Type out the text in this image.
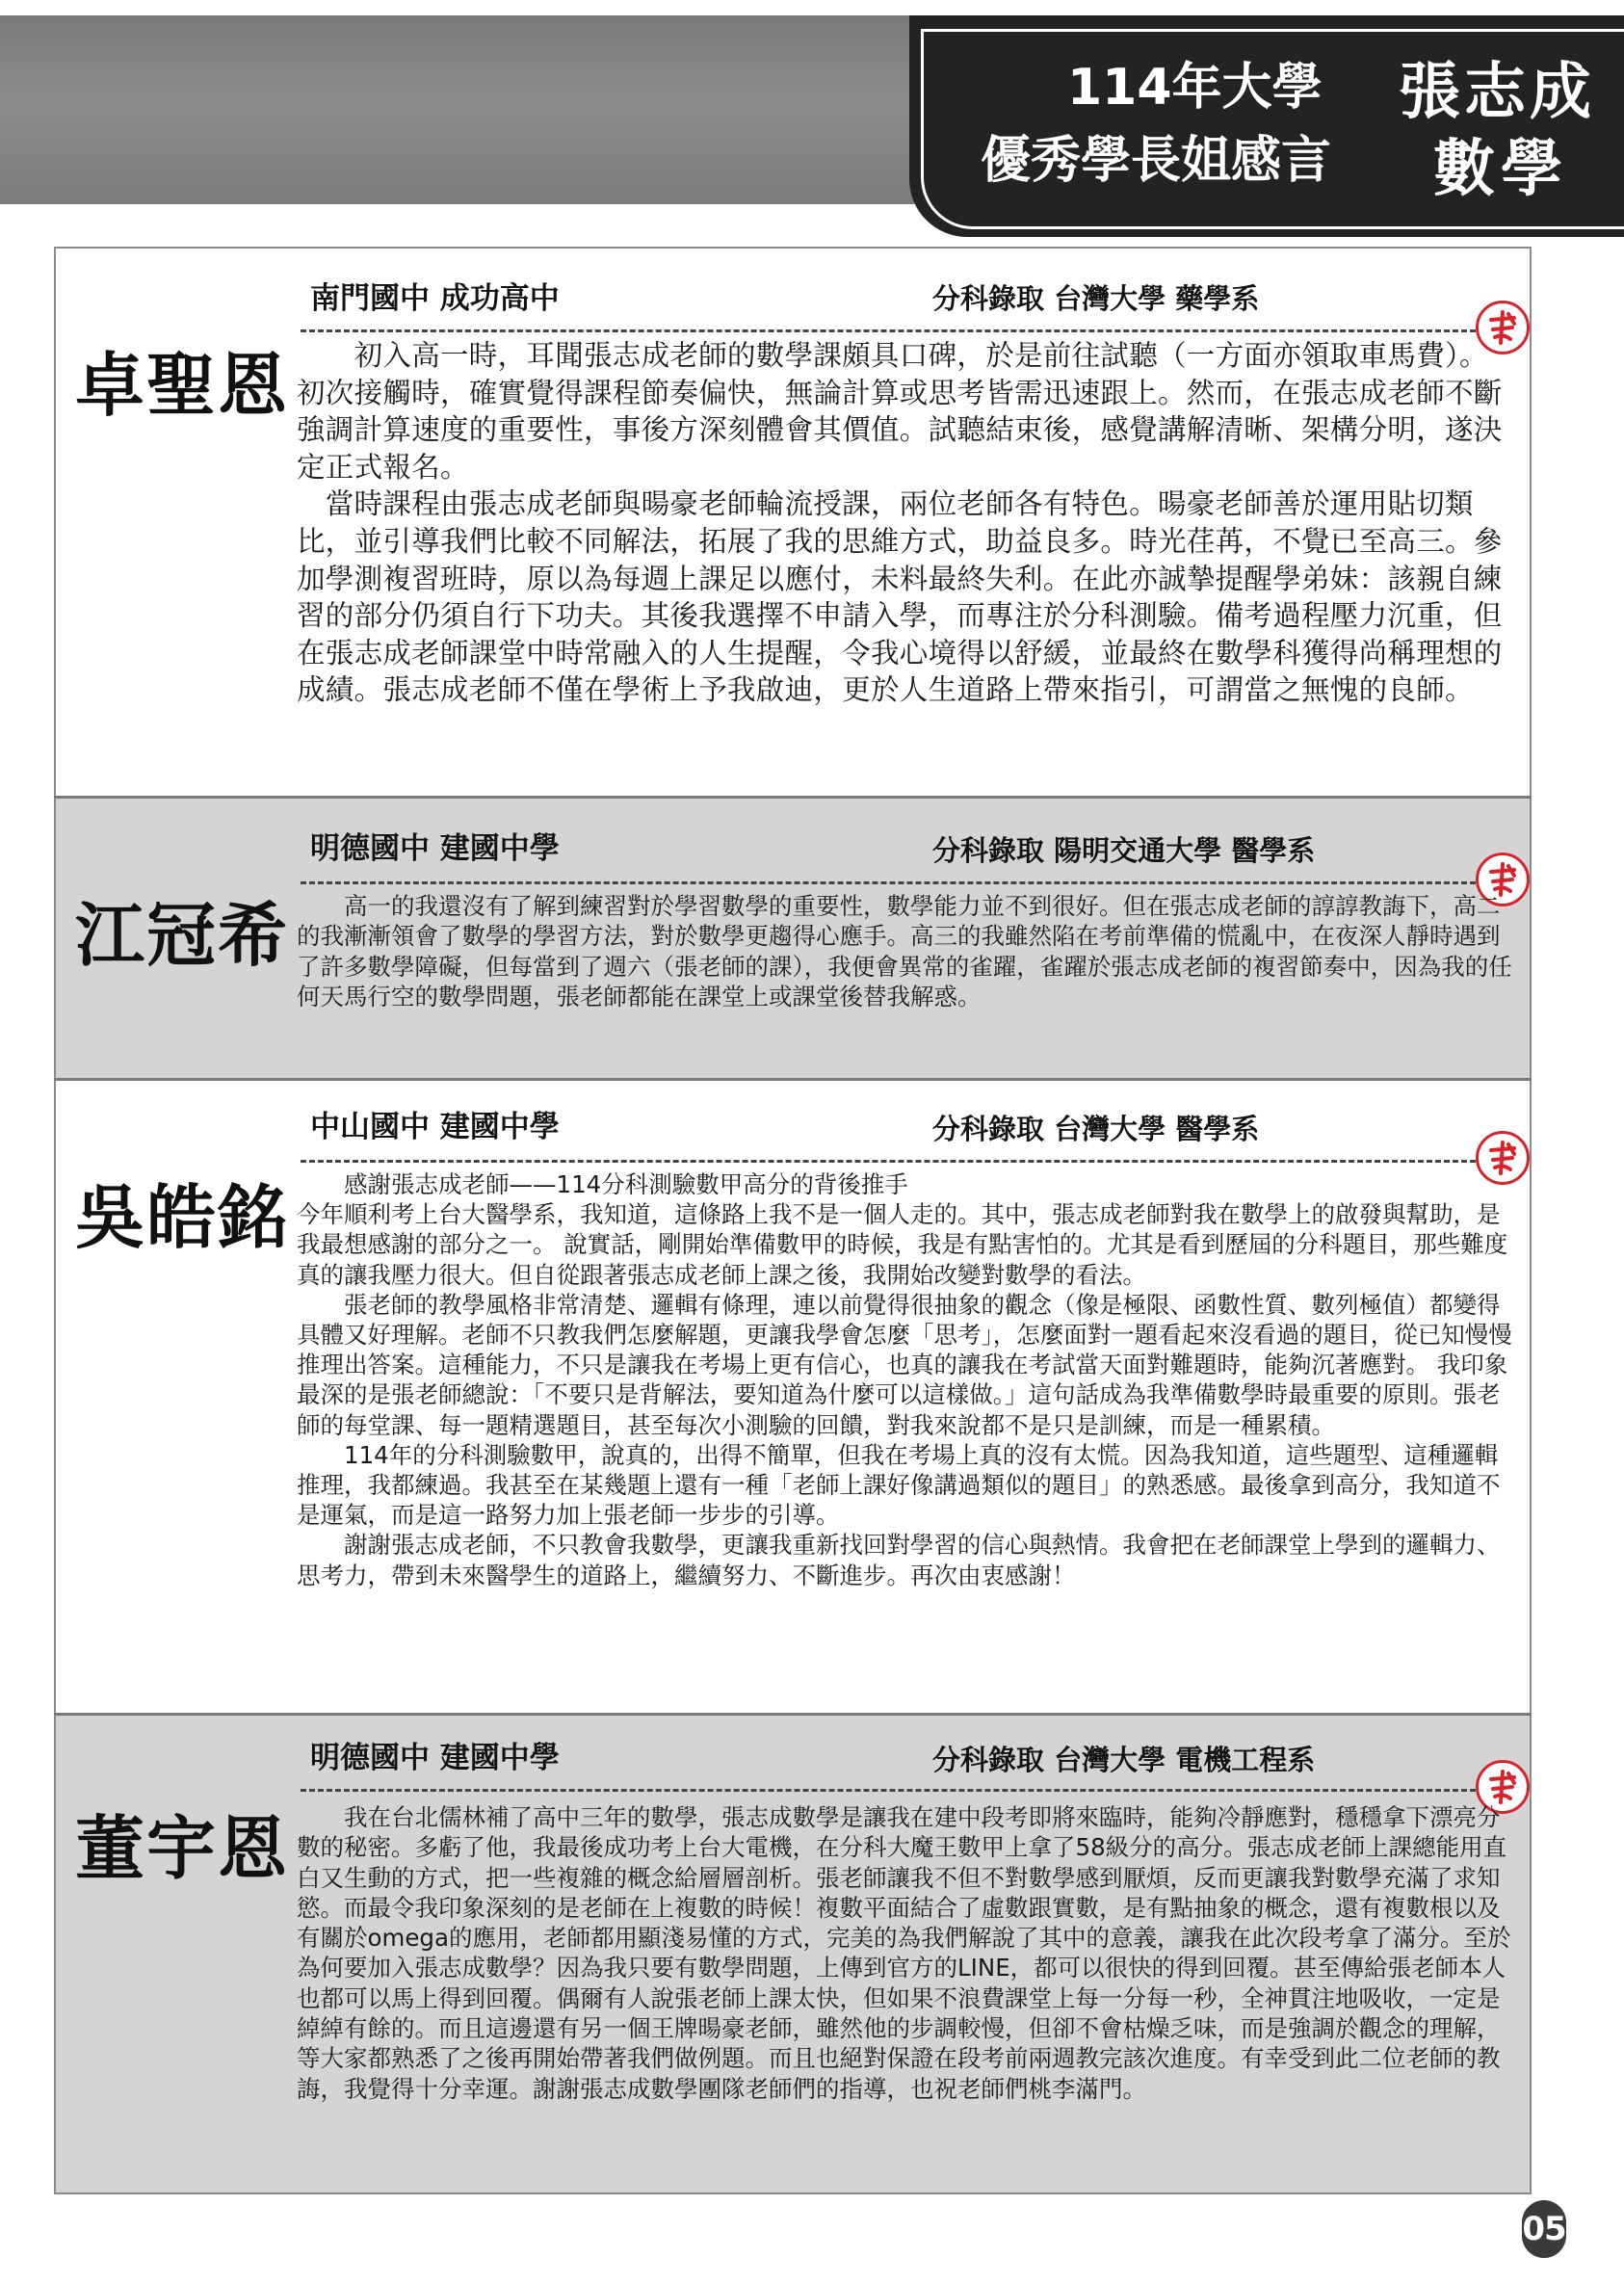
114年大學
優秀學長姐感言
張志成
數學
南門國中 成功高中	分科錄取 台灣大學 藥學系
卓聖恩	　　初入高一時，耳聞張志成老師的數學課頗具口碑，於是前往試聽（一方面亦領取車馬費）。初次接觸時，確實覺得課程節奏偏快，無論計算或思考皆需迅速跟上。然而，在張志成老師不斷強調計算速度的重要性，事後方深刻體會其價值。試聽結束後，感覺講解清晰、架構分明，遂決定正式報名。
　當時課程由張志成老師與暘豪老師輪流授課，兩位老師各有特色。暘豪老師善於運用貼切類比，並引導我們比較不同解法，拓展了我的思維方式，助益良多。時光荏苒，不覺已至高三。參加學測複習班時，原以為每週上課足以應付，未料最終失利。在此亦誠摯提醒學弟妹：該親自練習的部分仍須自行下功夫。其後我選擇不申請入學，而專注於分科測驗。備考過程壓力沉重，但在張志成老師課堂中時常融入的人生提醒，令我心境得以舒緩，並最終在數學科獲得尚稱理想的成績。張志成老師不僅在學術上予我啟迪，更於人生道路上帶來指引，可謂當之無愧的良師。

明德國中 建國中學	分科錄取 陽明交通大學 醫學系
江冠希 　　高一的我還沒有了解到練習對於學習數學的重要性，數學能力並不到很好。但在張志成老師的諄諄教誨下，高二的我漸漸領會了數學的學習方法，對於數學更趨得心應手。高三的我雖然陷在考前準備的慌亂中，在夜深人靜時遇到了許多數學障礙，但每當到了週六（張老師的課），我便會異常的雀躍，雀躍於張志成老師的複習節奏中，因為我的任何天馬行空的數學問題，張老師都能在課堂上或課堂後替我解惑。

中山國中 建國中學	分科錄取 台灣大學 醫學系
吳皓銘	　　感謝張志成老師——114分科測驗數甲高分的背後推手
今年順利考上台大醫學系，我知道，這條路上我不是一個人走的。其中，張志成老師對我在數學上的啟發與幫助，是我最想感謝的部分之一。 說實話，剛開始準備數甲的時候，我是有點害怕的。尤其是看到歷屆的分科題目，那些難度真的讓我壓力很大。但自從跟著張志成老師上課之後，我開始改變對數學的看法。
　　張老師的教學風格非常清楚、邏輯有條理，連以前覺得很抽象的觀念（像是極限、函數性質、數列極值）都變得具體又好理解。老師不只教我們怎麼解題，更讓我學會怎麼「思考」，怎麼面對一題看起來沒看過的題目，從已知慢慢推理出答案。這種能力，不只是讓我在考場上更有信心，也真的讓我在考試當天面對難題時，能夠沉著應對。 我印象最深的是張老師總說：「不要只是背解法，要知道為什麼可以這樣做。」這句話成為我準備數學時最重要的原則。張老師的每堂課、每一題精選題目，甚至每次小測驗的回饋，對我來說都不是只是訓練，而是一種累積。
　　114年的分科測驗數甲，說真的，出得不簡單，但我在考場上真的沒有太慌。因為我知道，這些題型、這種邏輯推理，我都練過。我甚至在某幾題上還有一種「老師上課好像講過類似的題目」的熟悉感。最後拿到高分，我知道不是運氣，而是這一路努力加上張老師一步步的引導。
　　謝謝張志成老師，不只教會我數學，更讓我重新找回對學習的信心與熱情。我會把在老師課堂上學到的邏輯力、思考力，帶到未來醫學生的道路上，繼續努力、不斷進步。再次由衷感謝！

明德國中 建國中學	分科錄取 台灣大學 電機工程系
董宇恩 　　我在台北儒林補了高中三年的數學，張志成數學是讓我在建中段考即將來臨時，能夠冷靜應對，穩穩拿下漂亮分數的秘密。多虧了他，我最後成功考上台大電機，在分科大魔王數甲上拿了58級分的高分。張志成老師上課總能用直白又生動的方式，把一些複雜的概念給層層剖析。張老師讓我不但不對數學感到厭煩，反而更讓我對數學充滿了求知慾。而最令我印象深刻的是老師在上複數的時候！複數平面結合了虛數跟實數，是有點抽象的概念，還有複數根以及有關於omega的應用，老師都用顯淺易懂的方式，完美的為我們解說了其中的意義，讓我在此次段考拿了滿分。至於為何要加入張志成數學？因為我只要有數學問題，上傳到官方的LINE，都可以很快的得到回覆。甚至傳給張老師本人也都可以馬上得到回覆。偶爾有人說張老師上課太快，但如果不浪費課堂上每一分每一秒，全神貫注地吸收，一定是綽綽有餘的。而且這邊還有另一個王牌暘豪老師，雖然他的步調較慢，但卻不會枯燥乏味，而是強調於觀念的理解，等大家都熟悉了之後再開始帶著我們做例題。而且也絕對保證在段考前兩週教完該次進度。有幸受到此二位老師的教誨，我覺得十分幸運。謝謝張志成數學團隊老師們的指導，也祝老師們桃李滿門。

05
